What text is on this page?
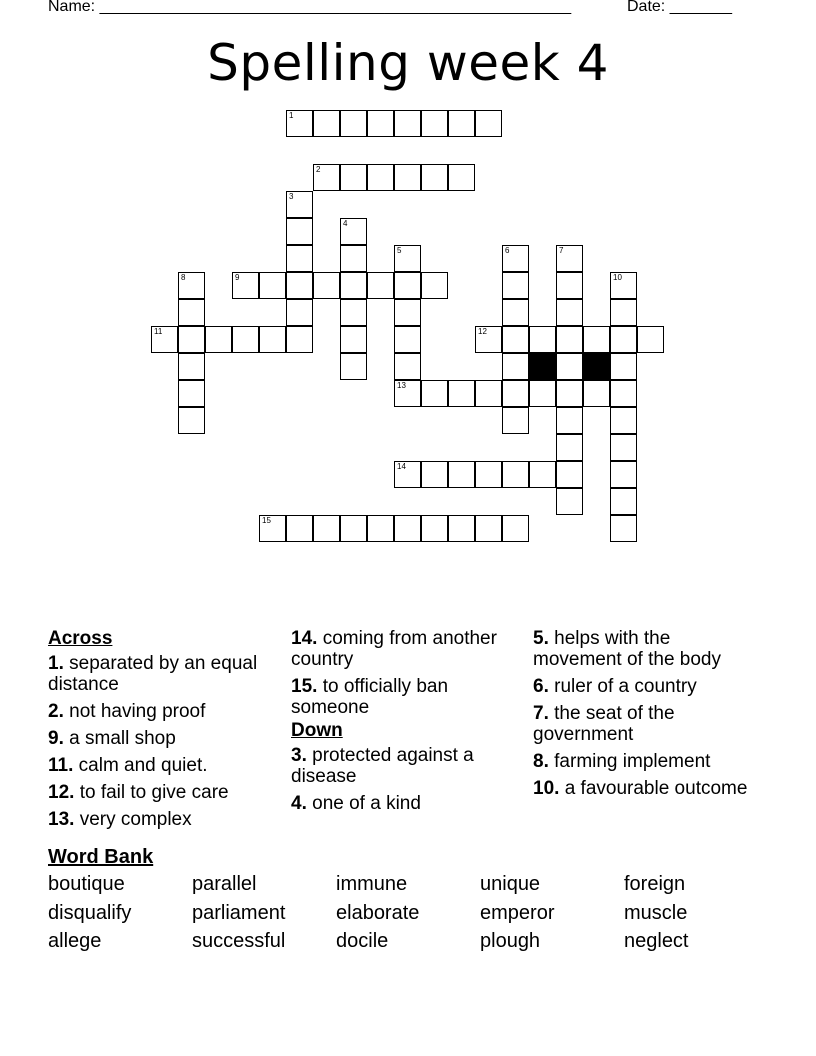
Name: _____________________________________________________	Date: _______
Spelling week 4
1
2
9
11	12
13
14
15
3
4
5	6	7
8	10
Across
1. separated by an equal distance
2. not having proof
9. a small shop
11. calm and quiet.
12. to fail to give care
13. very complex
14. coming from another country
15. to officially ban someone
Down
3. protected against a disease
4. one of a kind
5. helps with the movement of the body
6. ruler of a country
7. the seat of the government
8. farming implement
10. a favourable outcome
Word Bank
boutique	parallel	immune	unique	foreign
disqualify	parliament	elaborate	emperor	muscle
allege	successful	docile	plough	neglect
